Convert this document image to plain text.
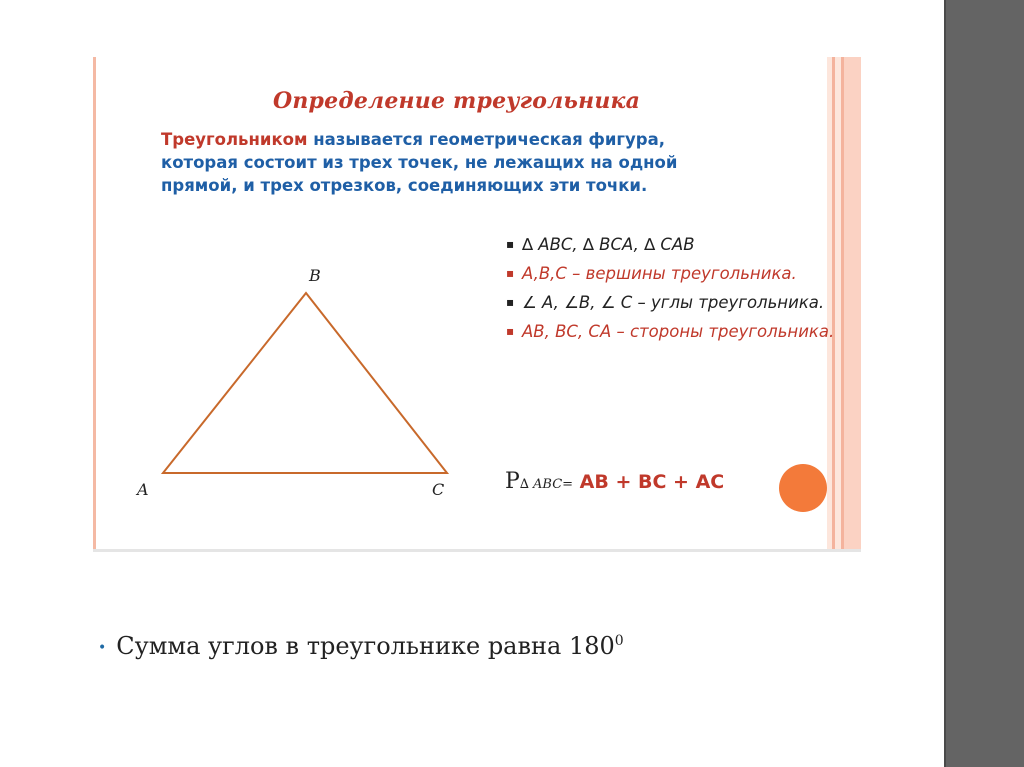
Определение треугольника
Треугольником называется геометрическая фигура, которая состоит из трех точек, не лежащих на одной прямой, и трех отрезков, соединяющих эти точки.
B
A	C
▪ ∆ ABC, ∆ BCA, ∆ CAB
▪ A,B,C – вершины треугольника.
▪ ∠ A, ∠B, ∠ C – углы треугольника.
▪ AB, BC, CA – стороны треугольника.
P∆ ABC= AB + BC + AC
• Сумма углов в треугольнике равна $180^0$
